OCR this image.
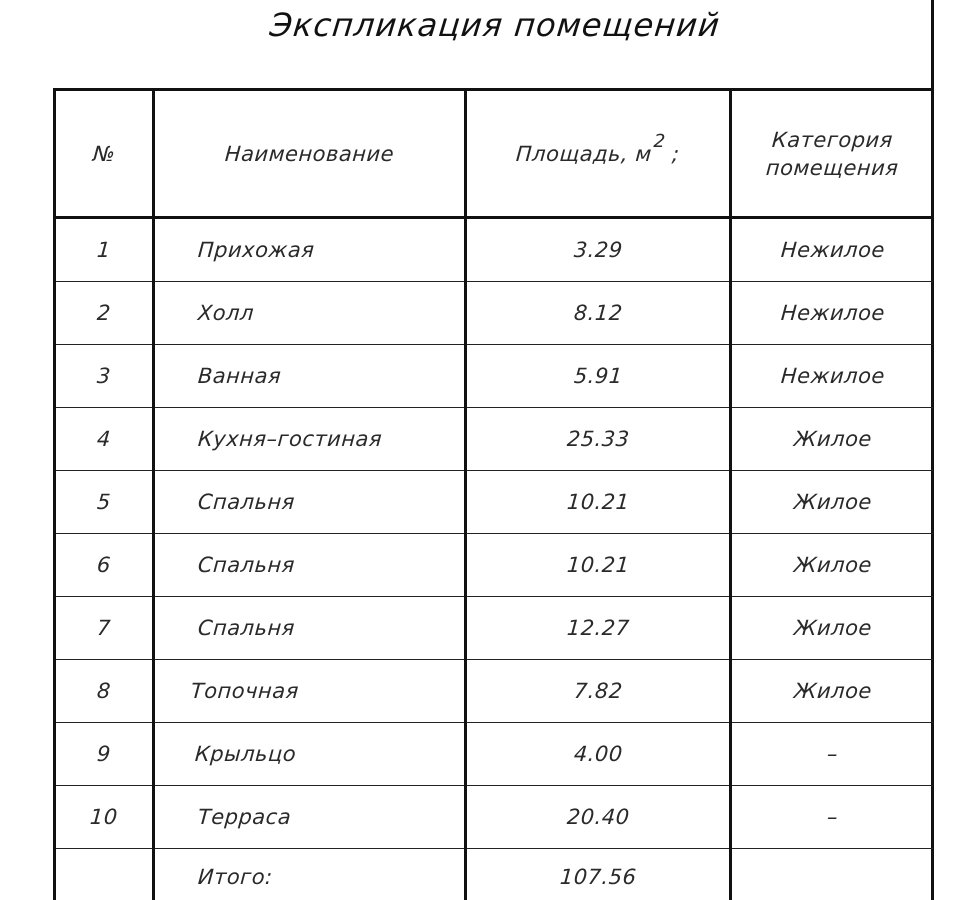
Экспликация помещений
№	Наименование	Площадь, м2 ;	Категория
помещения
1	Прихожая	3.29	Нежилое
2	Холл	8.12	Нежилое
3	Ванная	5.91	Нежилое
4	Кухня–гостиная	25.33	Жилое
5	Спальня	10.21	Жилое
6	Спальня	10.21	Жилое
7	Спальня	12.27	Жилое
8	Топочная	7.82	Жилое
9	Крыльцо	4.00	–
10	Терраса	20.40	–
	Итого:	107.56	
